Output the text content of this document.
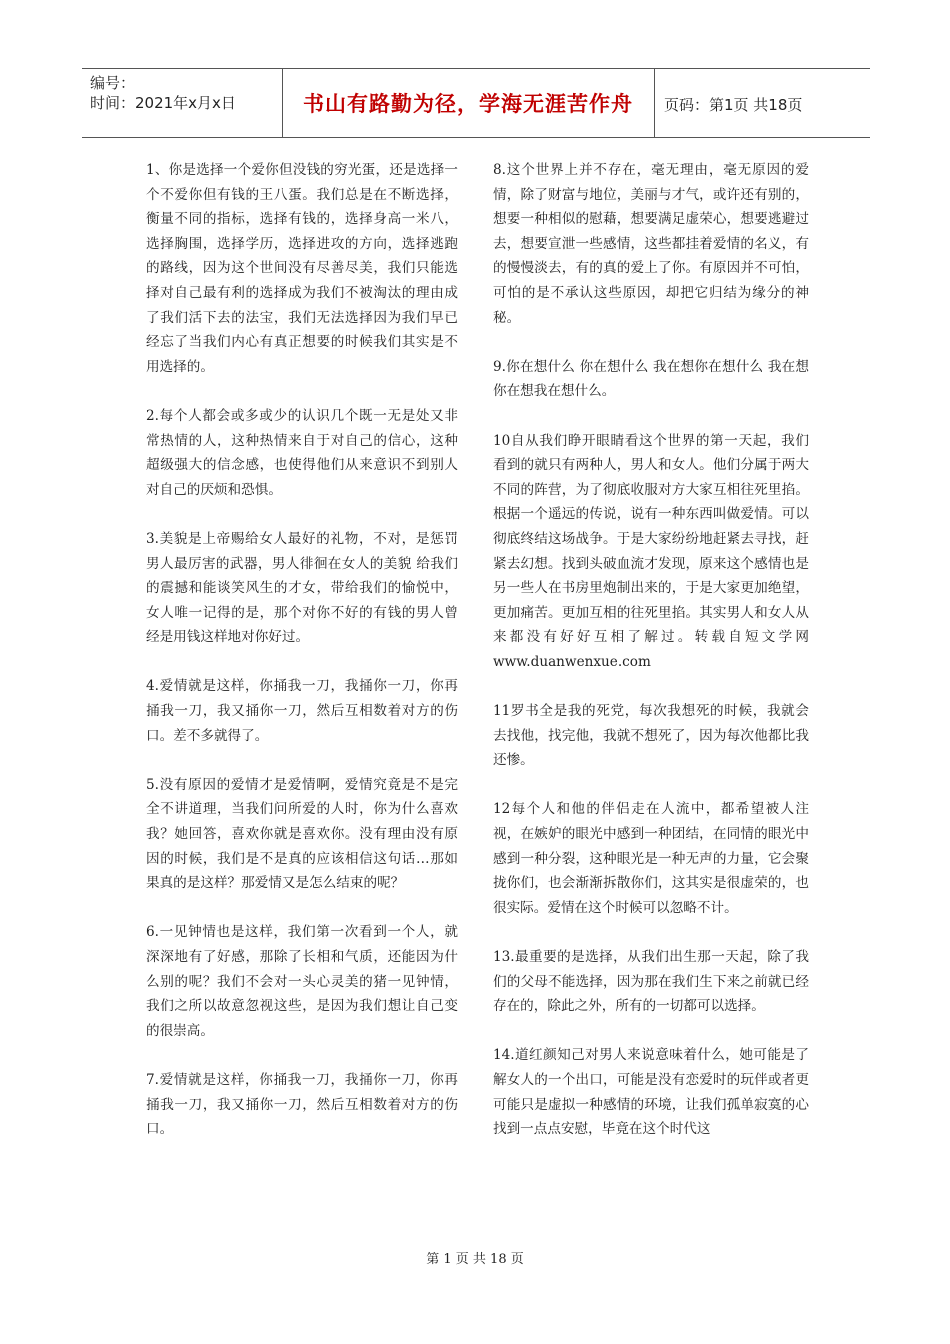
编号：
时间：2021年x月x日	书山有路勤为径，学海无涯苦作舟	页码：第1页 共18页

1、你是选择一个爱你但没钱的穷光蛋，还是选择一个不爱你但有钱的王八蛋。我们总是在不断选择，衡量不同的指标，选择有钱的，选择身高一米八，选择胸围，选择学历，选择进攻的方向，选择逃跑的路线，因为这个世间没有尽善尽美，我们只能选择对自己最有利的选择成为我们不被淘汰的理由成了我们活下去的法宝，我们无法选择因为我们早已经忘了当我们内心有真正想要的时候我们其实是不用选择的。

2.每个人都会或多或少的认识几个既一无是处又非常热情的人，这种热情来自于对自己的信心，这种超级强大的信念感，也使得他们从来意识不到别人对自己的厌烦和恐惧。

3.美貌是上帝赐给女人最好的礼物，不对，是惩罚男人最厉害的武器，男人徘徊在女人的美貌 给我们的震撼和能谈笑风生的才女，带给我们的愉悦中，女人唯一记得的是，那个对你不好的有钱的男人曾经是用钱这样地对你好过。

4.爱情就是这样，你捅我一刀，我捅你一刀，你再捅我一刀，我又捅你一刀，然后互相数着对方的伤口。差不多就得了。

5.没有原因的爱情才是爱情啊，爱情究竟是不是完全不讲道理，当我们问所爱的人时，你为什么喜欢我？她回答，喜欢你就是喜欢你。没有理由没有原因的时候，我们是不是真的应该相信这句话…那如果真的是这样？那爱情又是怎么结束的呢？

6.一见钟情也是这样，我们第一次看到一个人，就深深地有了好感，那除了长相和气质，还能因为什么别的呢？我们不会对一头心灵美的猪一见钟情，我们之所以故意忽视这些，是因为我们想让自己变的很崇高。

7.爱情就是这样，你捅我一刀，我捅你一刀，你再捅我一刀，我又捅你一刀，然后互相数着对方的伤口。

8.这个世界上并不存在，毫无理由，毫无原因的爱情，除了财富与地位，美丽与才气，或许还有别的，想要一种相似的慰藉，想要满足虚荣心，想要逃避过去，想要宣泄一些感情，这些都挂着爱情的名义，有的慢慢淡去，有的真的爱上了你。有原因并不可怕，可怕的是不承认这些原因，却把它归结为缘分的神秘。

9.你在想什么 你在想什么 我在想你在想什么 我在想你在想我在想什么。

10自从我们睁开眼睛看这个世界的第一天起，我们看到的就只有两种人，男人和女人。他们分属于两大不同的阵营，为了彻底收服对方大家互相往死里掐。根据一个遥远的传说，说有一种东西叫做爱情。可以彻底终结这场战争。于是大家纷纷地赶紧去寻找，赶紧去幻想。找到头破血流才发现，原来这个感情也是另一些人在书房里炮制出来的，于是大家更加绝望，更加痛苦。更加互相的往死里掐。其实男人和女人从来都没有好好互相了解过。转载自短文学网 www.duanwenxue.com

11罗书全是我的死党，每次我想死的时候，我就会去找他，找完他，我就不想死了，因为每次他都比我还惨。

12每个人和他的伴侣走在人流中，都希望被人注视，在嫉妒的眼光中感到一种团结，在同情的眼光中感到一种分裂，这种眼光是一种无声的力量，它会聚拢你们，也会渐渐拆散你们，这其实是很虚荣的，也很实际。爱情在这个时候可以忽略不计。

13.最重要的是选择，从我们出生那一天起，除了我们的父母不能选择，因为那在我们生下来之前就已经存在的，除此之外，所有的一切都可以选择。

14.道红颜知己对男人来说意味着什么，她可能是了解女人的一个出口，可能是没有恋爱时的玩伴或者更可能只是虚拟一种感情的环境，让我们孤单寂寞的心找到一点点安慰，毕竟在这个时代这

第 1 页 共 18 页
